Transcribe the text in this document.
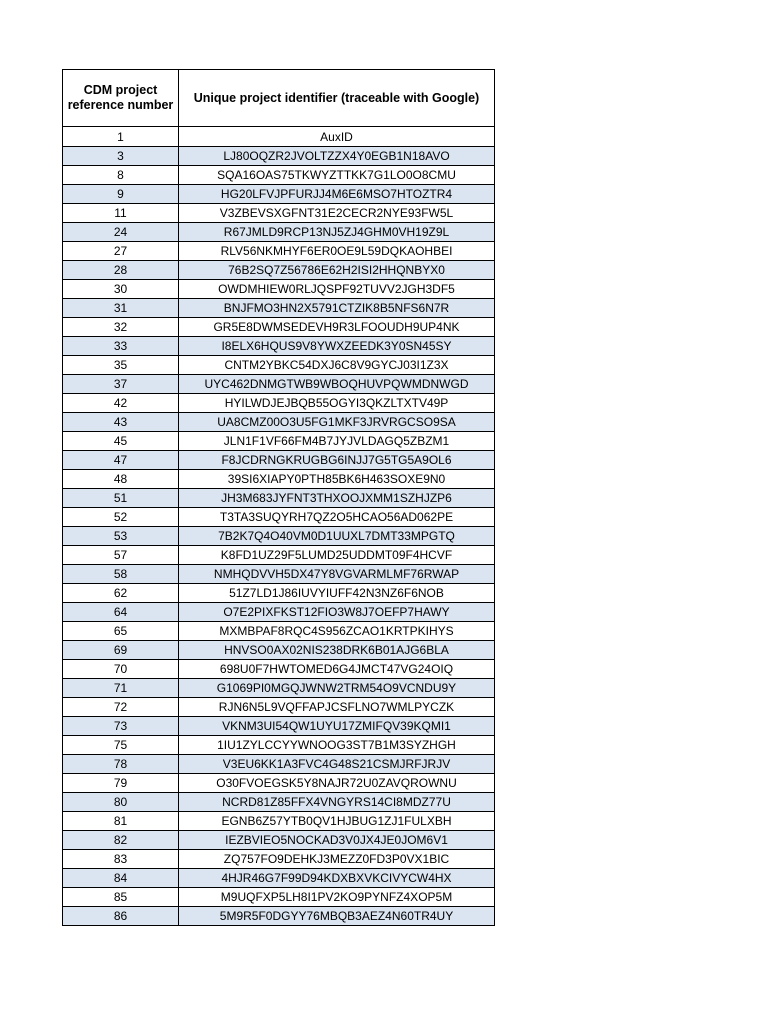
CDM project reference number	Unique project identifier (traceable with Google)
1	AuxID
3	LJ80OQZR2JVOLTZZX4Y0EGB1N18AVO
8	SQA16OAS75TKWYZTTKK7G1LO0O8CMU
9	HG20LFVJPFURJJ4M6E6MSO7HTOZTR4
11	V3ZBEVSXGFNT31E2CECR2NYE93FW5L
24	R67JMLD9RCP13NJ5ZJ4GHM0VH19Z9L
27	RLV56NKMHYF6ER0OE9L59DQKAOHBEI
28	76B2SQ7Z56786E62H2ISI2HHQNBYX0
30	OWDMHIEW0RLJQSPF92TUVV2JGH3DF5
31	BNJFMO3HN2X5791CTZIK8B5NFS6N7R
32	GR5E8DWMSEDEVH9R3LFOOUDH9UP4NK
33	I8ELX6HQUS9V8YWXZEEDK3Y0SN45SY
35	CNTM2YBKC54DXJ6C8V9GYCJ03I1Z3X
37	UYC462DNMGTWB9WBOQHUVPQWMDNWGD
42	HYILWDJEJBQB55OGYI3QKZLTXTV49P
43	UA8CMZ00O3U5FG1MKF3JRVRGCSO9SA
45	JLN1F1VF66FM4B7JYJVLDAGQ5ZBZM1
47	F8JCDRNGKRUGBG6INJJ7G5TG5A9OL6
48	39SI6XIAPY0PTH85BK6H463SOXE9N0
51	JH3M683JYFNT3THXOOJXMM1SZHJZP6
52	T3TA3SUQYRH7QZ2O5HCAO56AD062PE
53	7B2K7Q4O40VM0D1UUXL7DMT33MPGTQ
57	K8FD1UZ29F5LUMD25UDDMT09F4HCVF
58	NMHQDVVH5DX47Y8VGVARMLMF76RWAP
62	51Z7LD1J86IUVYIUFF42N3NZ6F6NOB
64	O7E2PIXFKST12FIO3W8J7OEFP7HAWY
65	MXMBPAF8RQC4S956ZCAO1KRTPKIHYS
69	HNVSO0AX02NIS238DRK6B01AJG6BLA
70	698U0F7HWTOMED6G4JMCT47VG24OIQ
71	G1069PI0MGQJWNW2TRM54O9VCNDU9Y
72	RJN6N5L9VQFFAPJCSFLNO7WMLPYCZK
73	VKNM3UI54QW1UYU17ZMIFQV39KQMI1
75	1IU1ZYLCCYYWNOOG3ST7B1M3SYZHGH
78	V3EU6KK1A3FVC4G48S21CSMJRFJRJV
79	O30FVOEGSK5Y8NAJR72U0ZAVQROWNU
80	NCRD81Z85FFX4VNGYRS14CI8MDZ77U
81	EGNB6Z57YTB0QV1HJBUG1ZJ1FULXBH
82	IEZBVIEO5NOCKAD3V0JX4JE0JOM6V1
83	ZQ757FO9DEHKJ3MEZZ0FD3P0VX1BIC
84	4HJR46G7F99D94KDXBXVKCIVYCW4HX
85	M9UQFXP5LH8I1PV2KO9PYNFZ4XOP5M
86	5M9R5F0DGYY76MBQB3AEZ4N60TR4UY
